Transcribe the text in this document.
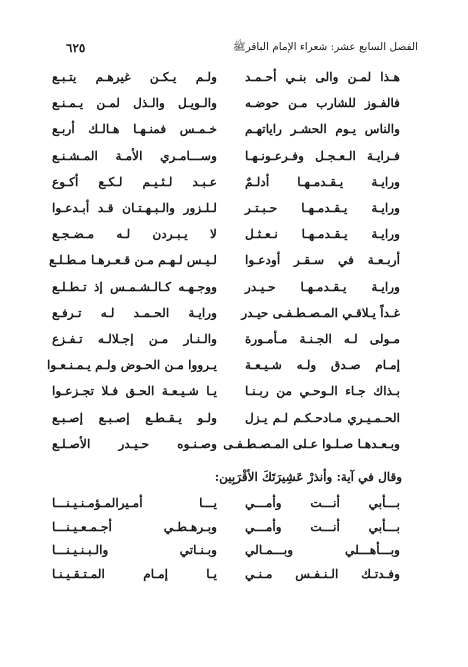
الفصل السابع عشر: شعراء الإمام الباقرﷺ
٦٢٥
هـذا لمـن والى بنـي أحـمـد
ولـم يـكـن غيرهـم يتـبـع
فالفـوز للشارب مـن حوضـه
والـويـل والـذل لمـن يـمـنـع
والناس يـوم الحشـر راياتهـم
خـمـس فمنـهـا هـالـك أربـع
فـرايـة الـعـجـل وفـرعـونـهـا
وســـامـري الأمـة المـشـنـع
ورايـة يـقـدمـهـا أدلـمٌ
عـبـد لـئـيـم لـكـع أكـوع
ورايـة يـقـدمـهـا حـبـتـر
لـلـزور والـبـهـتـان قـد أبـدعـوا
ورايـة يـقـدمـهـا نـعـثـل
لا يـبـردن لـه مـضـجـع
أربـعـة في سـقـر أودعـوا
لـيـس لـهـم مـن قـعـرهـا مـطـلـع
ورايـة يـقـدمـهـا حـيـدر
ووجـهـه كـالـشـمـس إذ تـطـلـع
غـداً يـلاقـي المـصـطـفـى حيـدر
ورايـة الحـمـد لـه تـرفـع
مـولى لـه الجـنـة مـأمـورة
والـنـار مـن إجـلالـه تـفـزع
إمـام صـدق ولـه شـيـعـة
يـرووا مـن الحـوض ولـم يـمـنـعـوا
بـذاك جـاء الـوحـي من ربـنـا
يـا شـيـعـة الحـق فـلا تجـزعـوا
الحـمـيـري مـادحـكـم لـم يـزل
ولـو يـقـطـع إصـبـع إصـبـع
وبـعـدهـا صـلـوا عـلى المـصـطـفـى
وصـنـوه حـيـدر الأصـلـع
وقال في آية: وأنذرْ عَشِيرَتَكَ الأقْرَبِين:
بـــأبي أنـــت وأمـــي
يـــا أمـيرالمـؤمـنـيـنـــا
بـــأبي أنـــت وأمـــي
وبـرهـطـي أجـمـعـيـنـــا
وبـــأهـــلي وبـــمـالي
وبـنـاتي والـبـنـيـنـــا
وفـدتـك الـنـفـس مـنـي
يـا إمـام المـتـقـيـنـا
